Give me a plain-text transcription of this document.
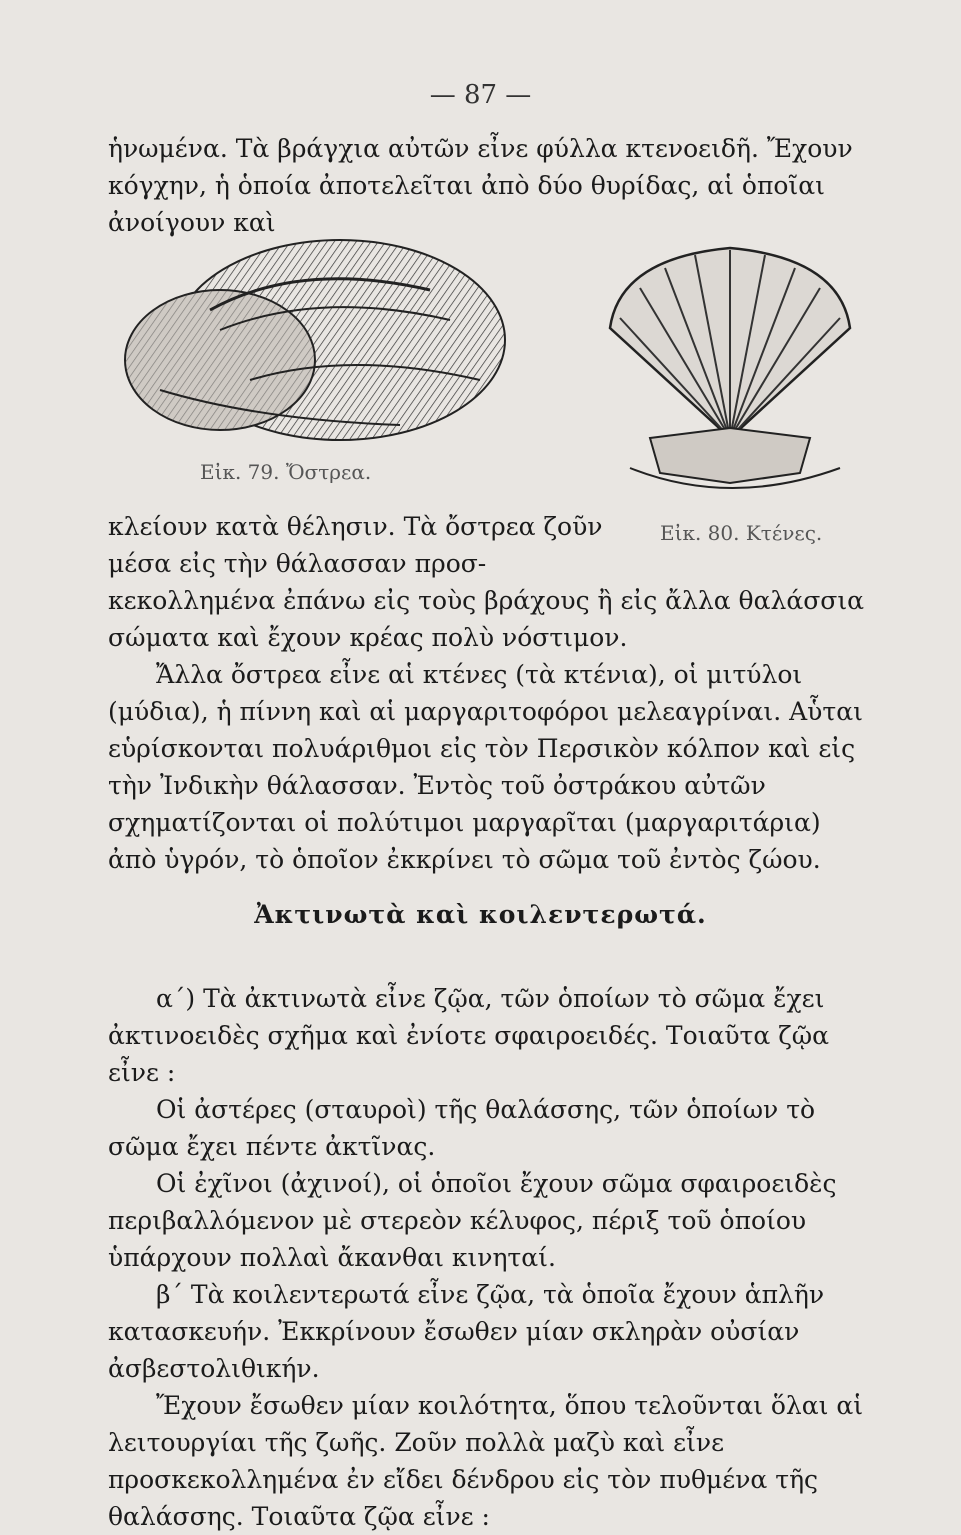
— 87 —

ἡνωμένα. Τὰ βράγχια αὐτῶν εἶνε φύλλα κτενοειδῆ. Ἔχουν κόγχην, ἡ ὁποία ἀποτελεῖται ἀπὸ δύο θυρίδας, αἱ ὁποῖαι ἀνοίγουν καὶ

Εἰκ. 79. Ὄστρεα.
Εἰκ. 80. Κτένες.

κλείουν κατὰ θέλησιν. Τὰ ὄστρεα ζοῦν μέσα εἰς τὴν θάλασσαν προσ-

κεκολλημένα ἐπάνω εἰς τοὺς βράχους ἢ εἰς ἄλλα θαλάσσια σώματα καὶ ἔχουν κρέας πολὺ νόστιμον.

Ἄλλα ὄστρεα εἶνε αἱ κτένες (τὰ κτένια), οἱ μιτύλοι (μύδια), ἡ πίννη καὶ αἱ μαργαριτοφόροι μελεαγρίναι. Αὗται εὑρίσκονται πολυάριθμοι εἰς τὸν Περσικὸν κόλπον καὶ εἰς τὴν Ἰνδικὴν θάλασσαν. Ἐντὸς τοῦ ὀστράκου αὐτῶν σχηματίζονται οἱ πολύτιμοι μαργαρῖται (μαργαριτάρια) ἀπὸ ὑγρόν, τὸ ὁποῖον ἐκκρίνει τὸ σῶμα τοῦ ἐντὸς ζώου.

Ἀκτινωτὰ καὶ κοιλεντερωτά.

α΄) Τὰ ἀκτινωτὰ εἶνε ζῷα, τῶν ὁποίων τὸ σῶμα ἔχει ἀκτινοειδὲς σχῆμα καὶ ἐνίοτε σφαιροειδές. Τοιαῦτα ζῷα εἶνε :

Οἱ ἀστέρες (σταυροὶ) τῆς θαλάσσης, τῶν ὁποίων τὸ σῶμα ἔχει πέντε ἀκτῖνας.

Οἱ ἐχῖνοι (ἀχινοί), οἱ ὁποῖοι ἔχουν σῶμα σφαιροειδὲς περιβαλλόμενον μὲ στερεὸν κέλυφος, πέριξ τοῦ ὁποίου ὑπάρχουν πολλαὶ ἄκανθαι κινηταί.

β΄ Τὰ κοιλεντερωτά εἶνε ζῷα, τὰ ὁποῖα ἔχουν ἁπλῆν κατασκευήν. Ἐκκρίνουν ἔσωθεν μίαν σκληρὰν οὐσίαν ἀσβεστολιθικήν.

Ἔχουν ἔσωθεν μίαν κοιλότητα, ὅπου τελοῦνται ὅλαι αἱ λειτουργίαι τῆς ζωῆς. Ζοῦν πολλὰ μαζὺ καὶ εἶνε προσκεκολλημένα ἐν εἴδει δένδρου εἰς τὸν πυθμένα τῆς θαλάσσης. Τοιαῦτα ζῷα εἶνε :
